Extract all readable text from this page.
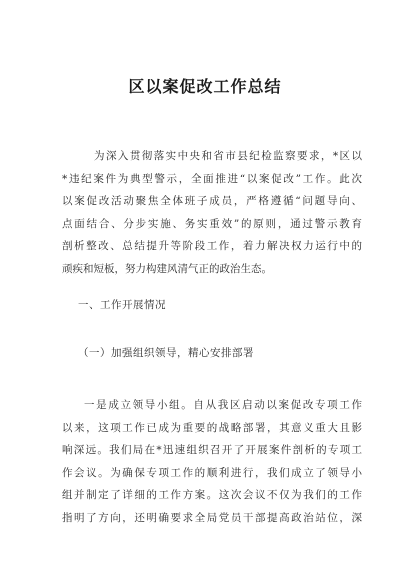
区以案促改工作总结
为深入贯彻落实中央和省市县纪检监察要求，*区以
*违纪案件为典型警示，全面推进“以案促改”工作。此次
以案促改活动聚焦全体班子成员，严格遵循“问题导向、
点面结合、分步实施、务实重效”的原则，通过警示教育
剖析整改、总结提升等阶段工作，着力解决权力运行中的
顽疾和短板，努力构建风清气正的政治生态。

一、工作开展情况

（一）加强组织领导，精心安排部署

一是成立领导小组。自从我区启动以案促改专项工作
以来，这项工作已成为重要的战略部署，其意义重大且影
响深远。我们局在*迅速组织召开了开展案件剖析的专项工
作会议。为确保专项工作的顺利进行，我们成立了领导小
组并制定了详细的工作方案。这次会议不仅为我们的工作
指明了方向，还明确要求全局党员干部提高政治站位，深
